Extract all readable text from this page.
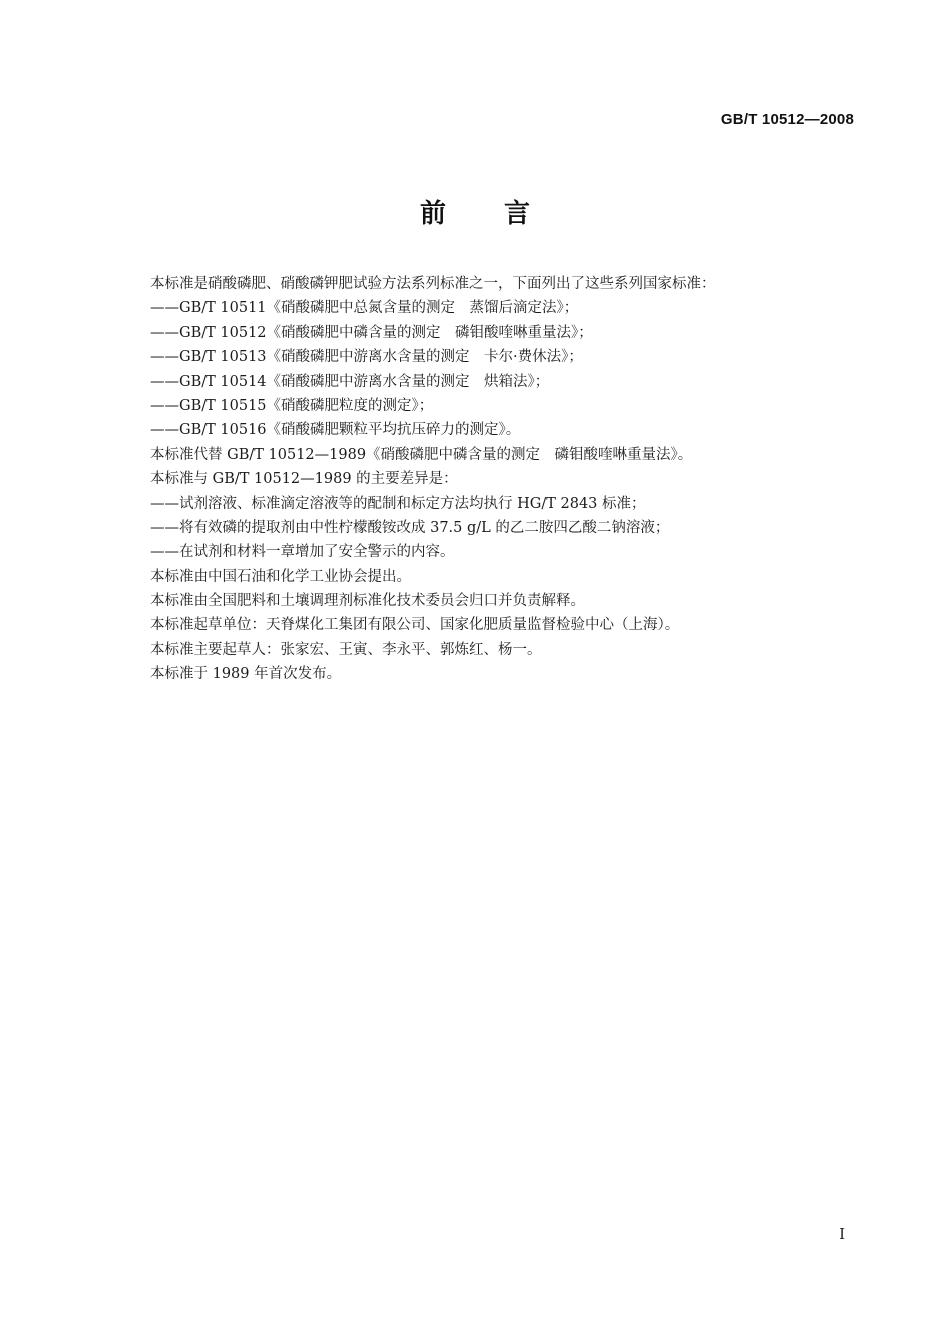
GB/T 10512—2008
前言
本标准是硝酸磷肥、硝酸磷钾肥试验方法系列标准之一，下面列出了这些系列国家标准：
——GB/T 10511《硝酸磷肥中总氮含量的测定　蒸馏后滴定法》；
——GB/T 10512《硝酸磷肥中磷含量的测定　磷钼酸喹啉重量法》；
——GB/T 10513《硝酸磷肥中游离水含量的测定　卡尔·费休法》；
——GB/T 10514《硝酸磷肥中游离水含量的测定　烘箱法》；
——GB/T 10515《硝酸磷肥粒度的测定》；
——GB/T 10516《硝酸磷肥颗粒平均抗压碎力的测定》。
本标准代替 GB/T 10512—1989《硝酸磷肥中磷含量的测定　磷钼酸喹啉重量法》。
本标准与 GB/T 10512—1989 的主要差异是：
——试剂溶液、标准滴定溶液等的配制和标定方法均执行 HG/T 2843 标准；
——将有效磷的提取剂由中性柠檬酸铵改成 37.5 g/L 的乙二胺四乙酸二钠溶液；
——在试剂和材料一章增加了安全警示的内容。
本标准由中国石油和化学工业协会提出。
本标准由全国肥料和土壤调理剂标准化技术委员会归口并负责解释。
本标准起草单位：天脊煤化工集团有限公司、国家化肥质量监督检验中心（上海）。
本标准主要起草人：张家宏、王寅、李永平、郭炼红、杨一。
本标准于 1989 年首次发布。
I
